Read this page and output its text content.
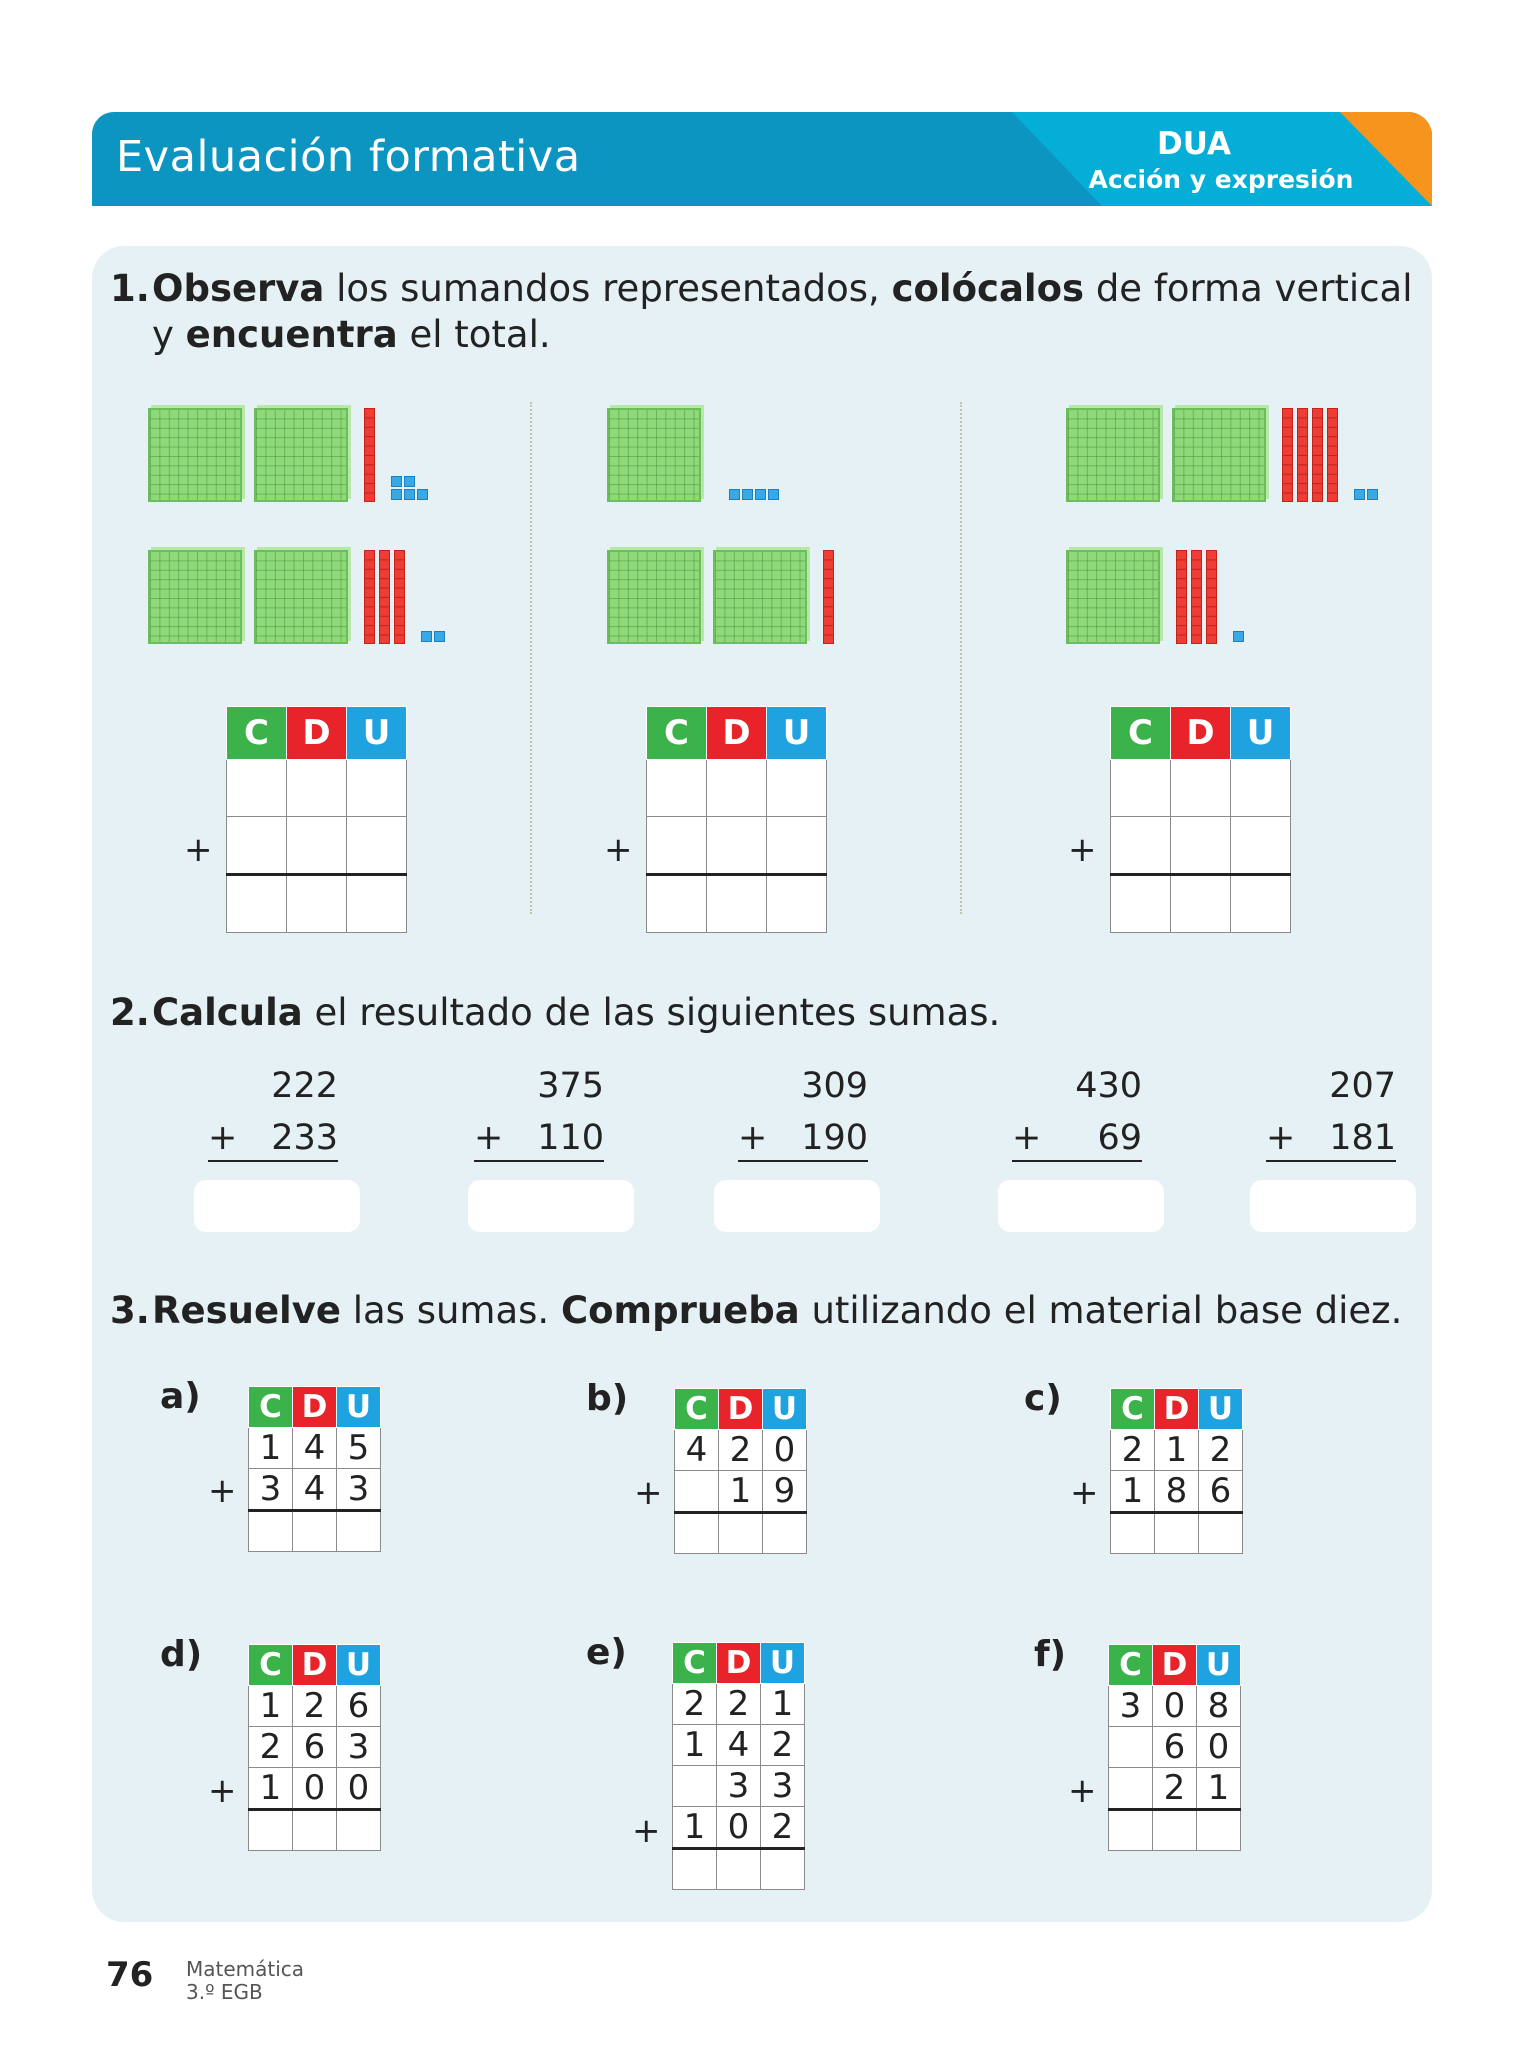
Evaluación formativa	DUA
Acción y expresión
1.Observa los sumandos representados, colócalos de forma vertical
y encuentra el total.
C	D	U

+
C	D	U

+
C	D	U

+
2.Calcula el resultado de las siguientes sumas.
222
+ 233
375
+ 110
309
+ 190
430
+ 69
207
+ 181
3.Resuelve las sumas. Comprueba utilizando el material base diez.
a) C	D	U
1	4	5
3	4	3

+
b) C	D	U
4	2	0
	1	9

+
c) C	D	U
2	1	2
1	8	6

+
d) C	D	U
1	2	6
2	6	3
1	0	0

+
e) C	D	U
2	2	1
1	4	2
	3	3
1	0	2

+
f) C	D	U
3	0	8
	6	0
	2	1

+
76 Matemática
3.º EGB
